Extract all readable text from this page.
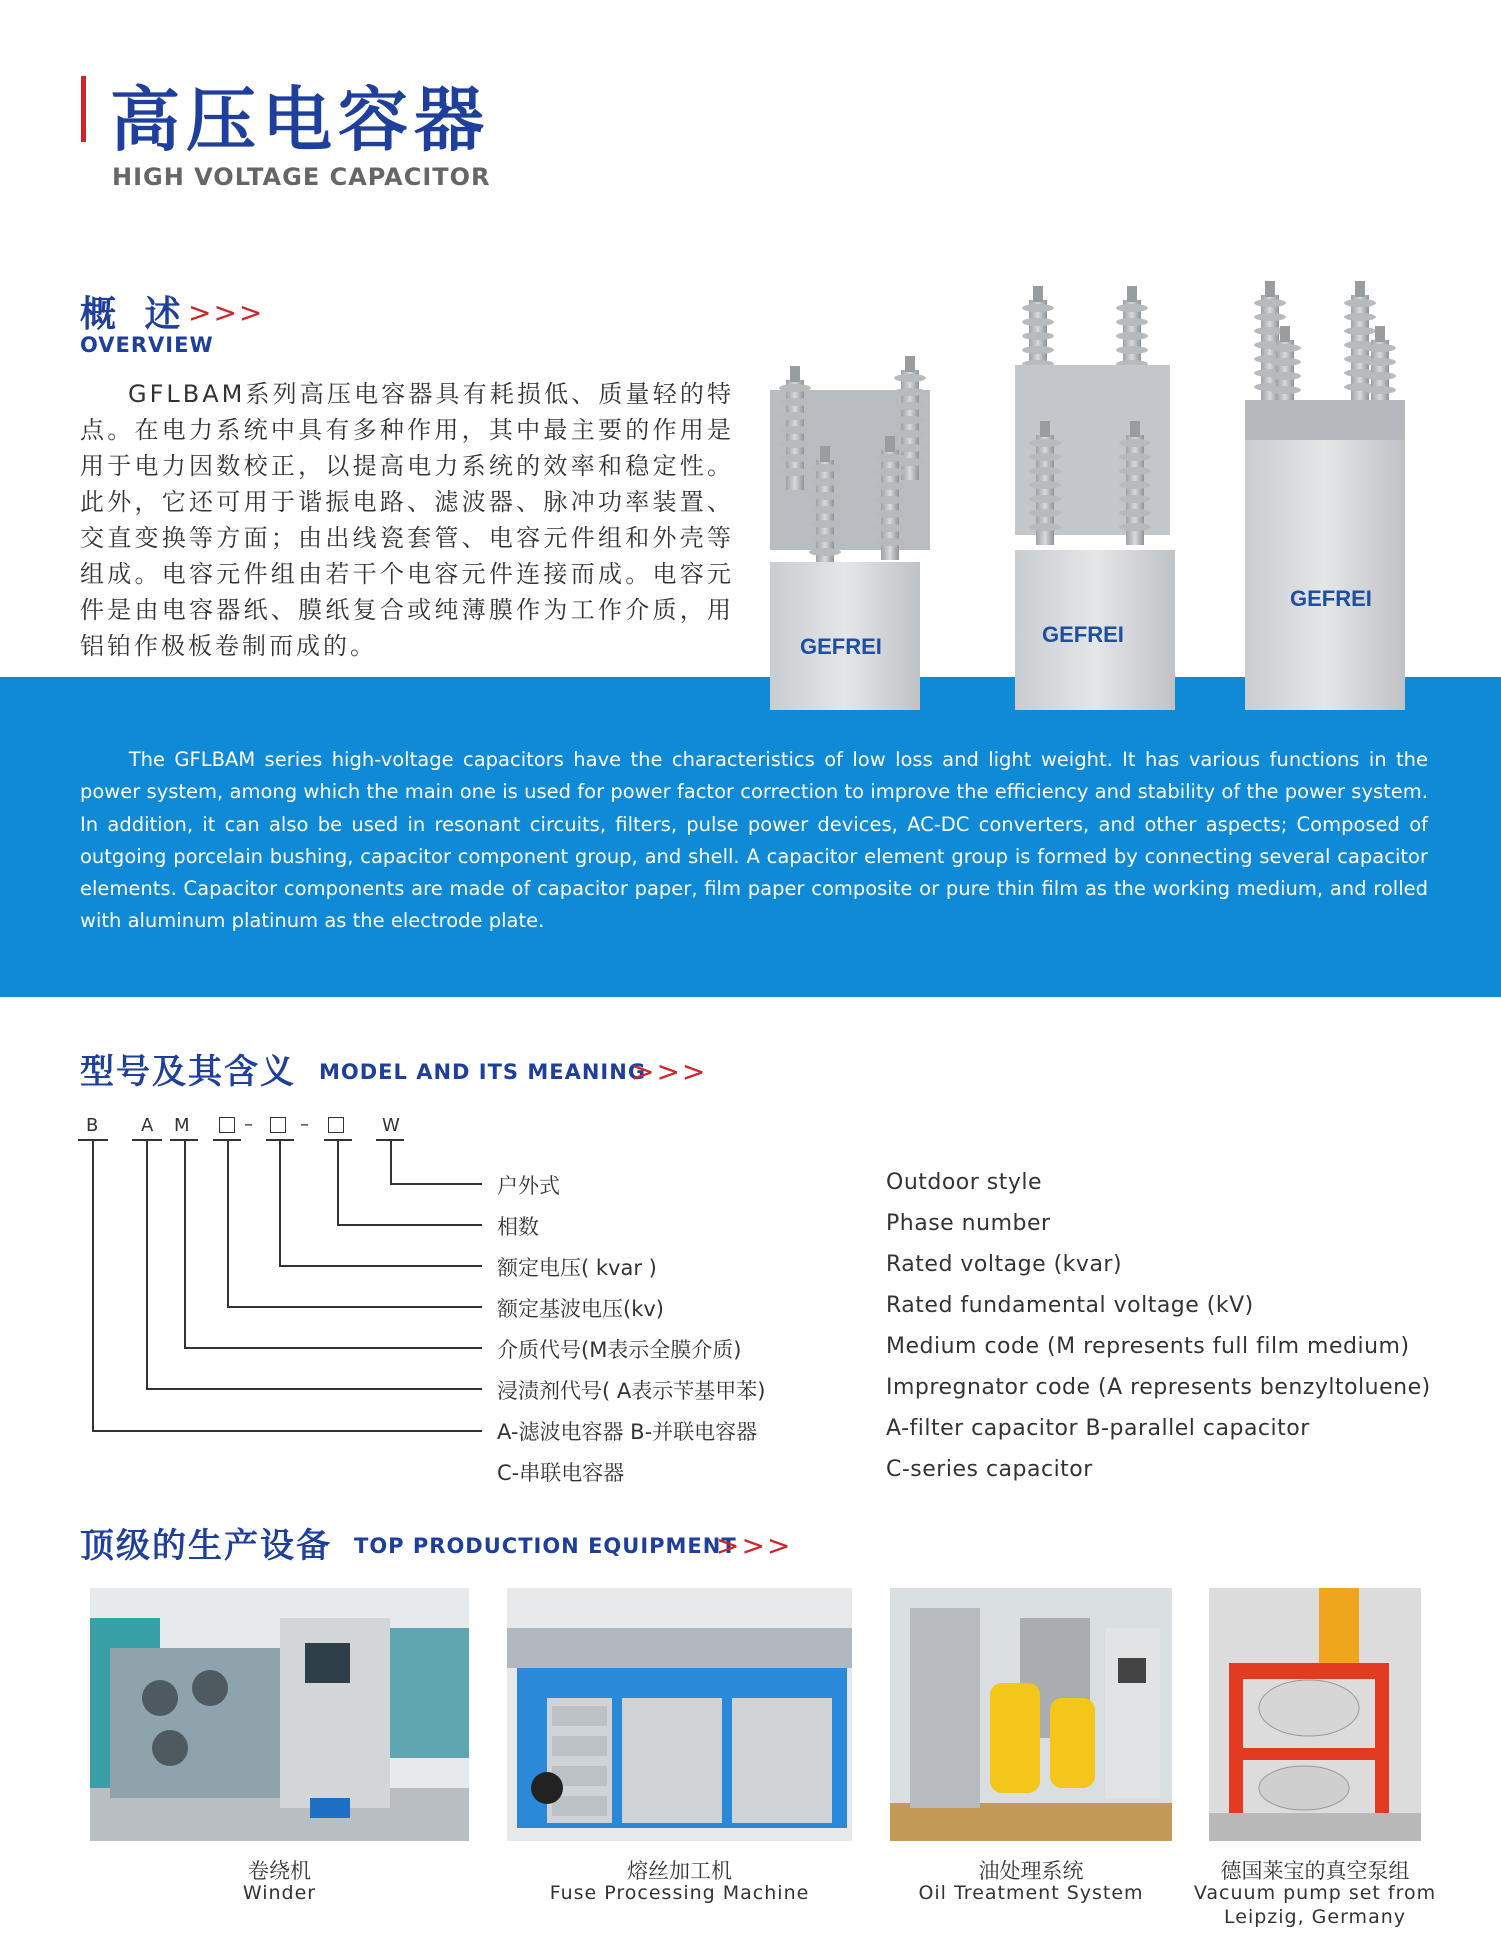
高压电容器
HIGH VOLTAGE CAPACITOR
概 述 >>>
OVERVIEW
GFLBAM系列高压电容器具有耗损低、质量轻的特点。在电力系统中具有多种作用，其中最主要的作用是用于电力因数校正，以提高电力系统的效率和稳定性。此外，它还可用于谐振电路、滤波器、脉冲功率装置、交直变换等方面；由出线瓷套管、电容元件组和外壳等组成。电容元件组由若干个电容元件连接而成。电容元件是由电容器纸、膜纸复合或纯薄膜作为工作介质，用铝铂作极板卷制而成的。	GEFREI	GEFREI
GEFREI
The GFLBAM series high-voltage capacitors have the characteristics of low loss and light weight. It has various functions in the power system, among which the main one is used for power factor correction to improve the efficiency and stability of the power system. In addition, it can also be used in resonant circuits, filters, pulse power devices, AC-DC converters, and other aspects; Composed of outgoing porcelain bushing, capacitor component group, and shell. A capacitor element group is formed by connecting several capacitor elements. Capacitor components are made of capacitor paper, film paper composite or pure thin film as the working medium, and rolled with aluminum platinum as the electrode plate.
型号及其含义 MODEL AND ITS MEANING
>>>
B A M	–	–	W
户外式	Outdoor style
相数	Phase number
额定电压( kvar )	Rated voltage (kvar)
额定基波电压(kv)	Rated fundamental voltage (kV)
介质代号(M表示全膜介质)	Medium code (M represents full film medium)
浸渍剂代号( A表示苄基甲苯)	Impregnator code (A represents benzyltoluene)
A-滤波电容器 B-并联电容器	A-filter capacitor B-parallel capacitor
C-串联电容器	C-series capacitor
顶级的生产设备 TOP PRODUCTION EQUIPMENT
>>>
卷绕机
Winder
熔丝加工机
Fuse Processing Machine
油处理系统
Oil Treatment System
德国莱宝的真空泵组
Vacuum pump set from Leipzig, Germany
